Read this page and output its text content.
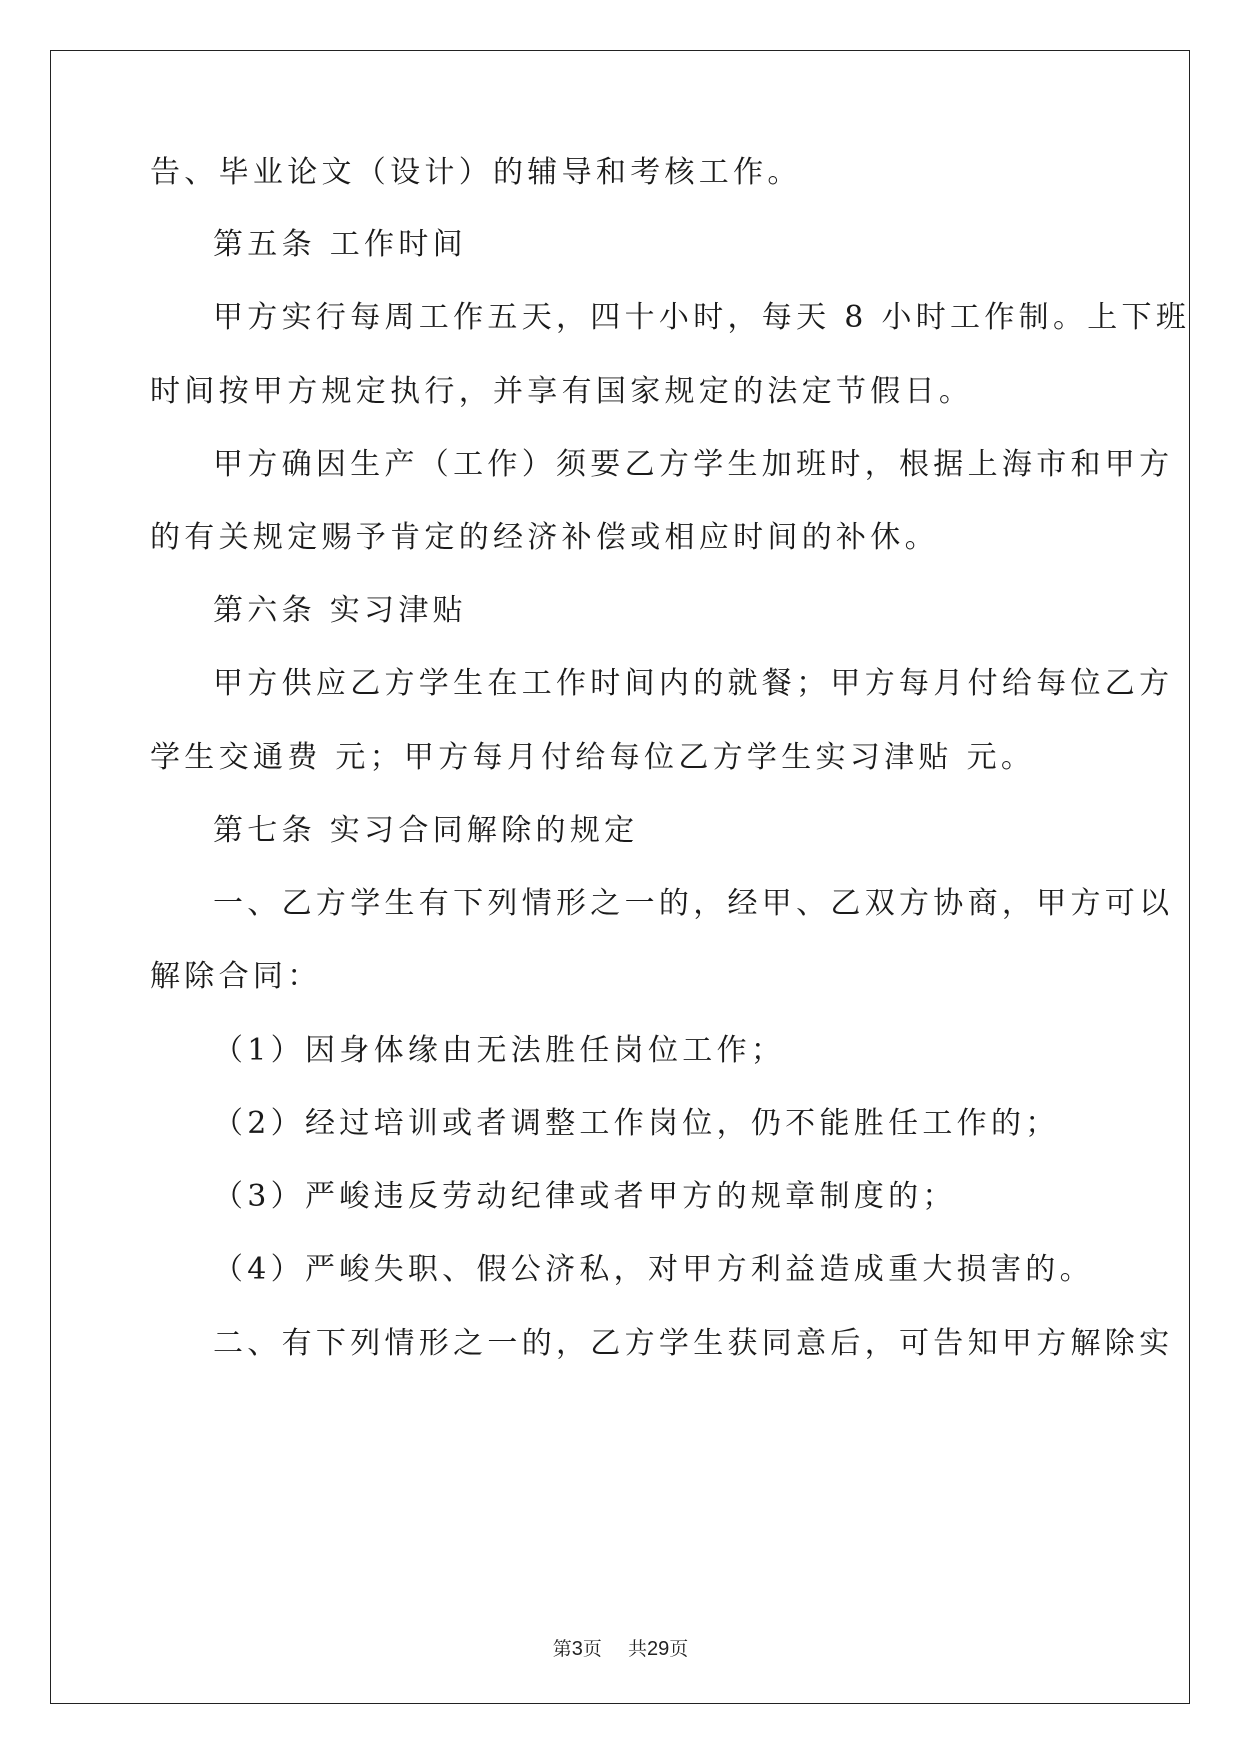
告、毕业论文（设计）的辅导和考核工作。
第五条 工作时间
甲方实行每周工作五天，四十小时，每天 8 小时工作制。上下班
时间按甲方规定执行，并享有国家规定的法定节假日。
甲方确因生产（工作）须要乙方学生加班时，根据上海市和甲方
的有关规定赐予肯定的经济补偿或相应时间的补休。
第六条 实习津贴
甲方供应乙方学生在工作时间内的就餐；甲方每月付给每位乙方
学生交通费 元；甲方每月付给每位乙方学生实习津贴 元。
第七条 实习合同解除的规定
一、乙方学生有下列情形之一的，经甲、乙双方协商，甲方可以
解除合同：
（1）因身体缘由无法胜任岗位工作；
（2）经过培训或者调整工作岗位，仍不能胜任工作的；
（3）严峻违反劳动纪律或者甲方的规章制度的；
（4）严峻失职、假公济私，对甲方利益造成重大损害的。
二、有下列情形之一的，乙方学生获同意后，可告知甲方解除实
第3页 共29页
